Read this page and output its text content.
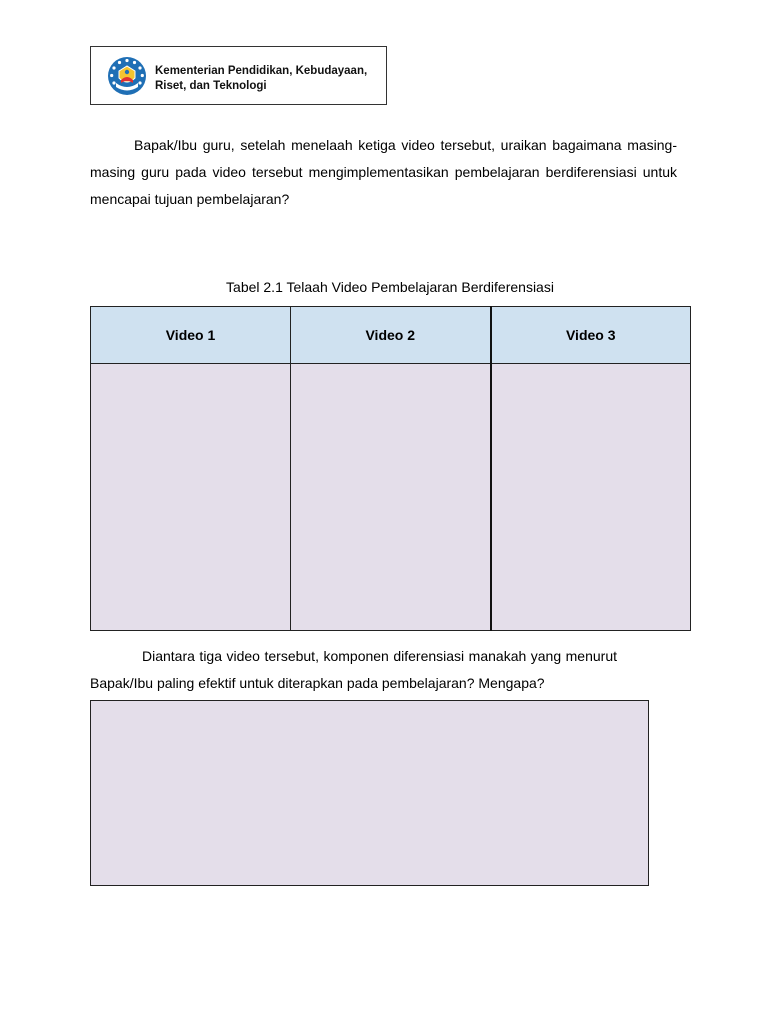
Kementerian Pendidikan, Kebudayaan,
Riset, dan Teknologi

Bapak/Ibu guru, setelah menelaah ketiga video tersebut, uraikan bagaimana masing-masing guru pada video tersebut mengimplementasikan pembelajaran berdiferensiasi untuk mencapai tujuan pembelajaran?

Tabel 2.1 Telaah Video Pembelajaran Berdiferensiasi
Video 1	Video 2	Video 3

Diantara tiga video tersebut, komponen diferensiasi manakah yang menurut Bapak/Ibu paling efektif untuk diterapkan pada pembelajaran? Mengapa?
